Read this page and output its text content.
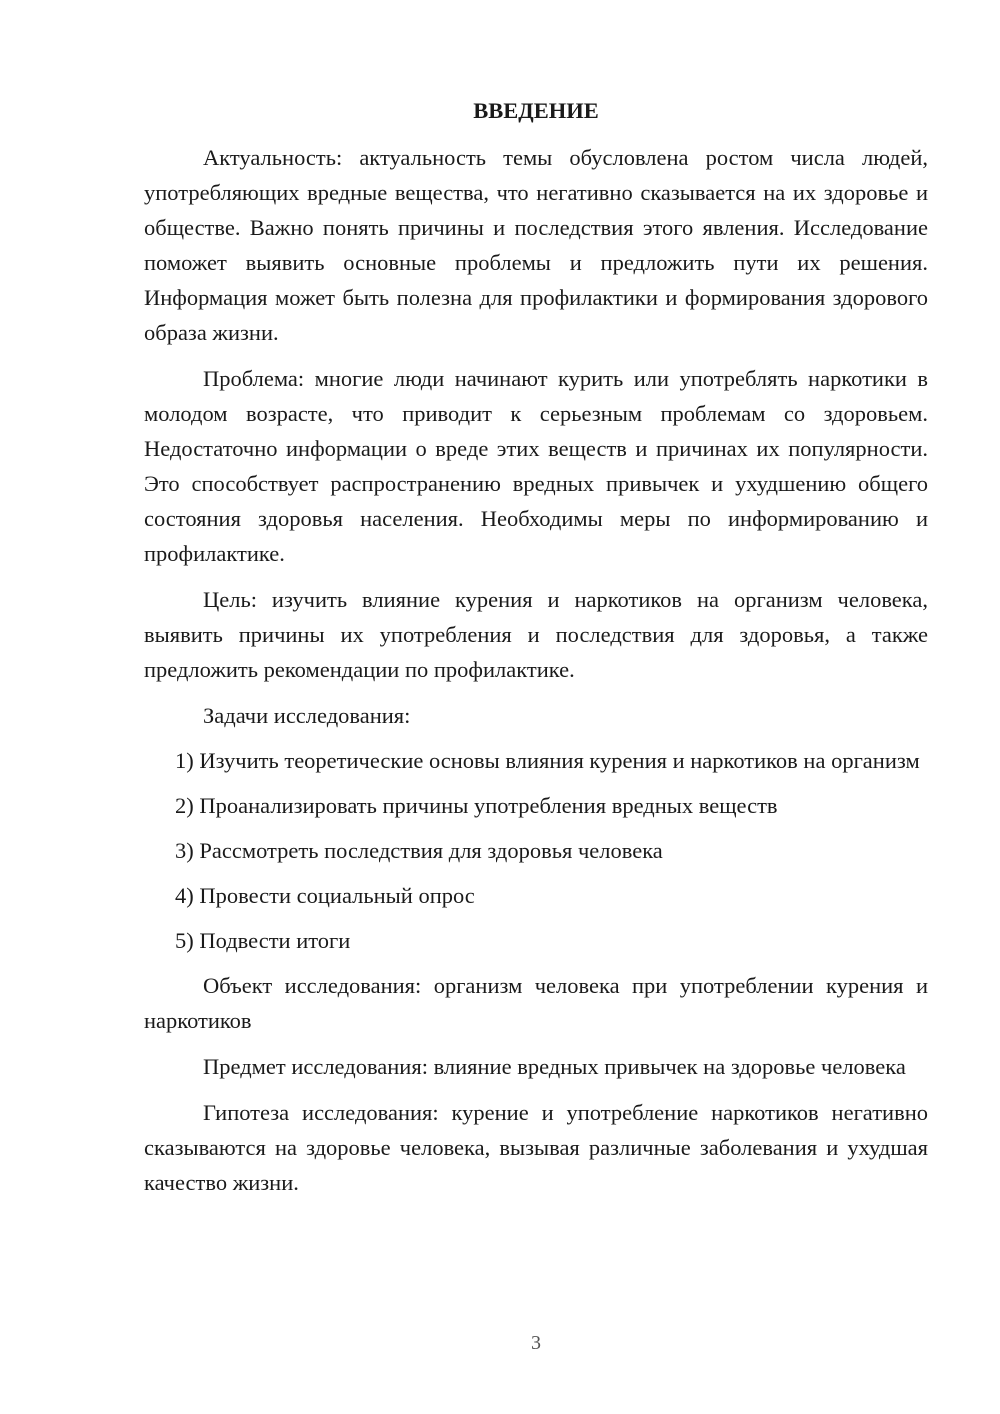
ВВЕДЕНИЕ

Актуальность: актуальность темы обусловлена ростом числа людей, употребляющих вредные вещества, что негативно сказывается на их здоровье и обществе. Важно понять причины и последствия этого явления. Исследование поможет выявить основные проблемы и предложить пути их решения. Информация может быть полезна для профилактики и формирования здорового образа жизни.

Проблема: многие люди начинают курить или употреблять наркотики в молодом возрасте, что приводит к серьезным проблемам со здоровьем. Недостаточно информации о вреде этих веществ и причинах их популярности. Это способствует распространению вредных привычек и ухудшению общего состояния здоровья населения. Необходимы меры по информированию и профилактике.

Цель: изучить влияние курения и наркотиков на организм человека, выявить причины их употребления и последствия для здоровья, а также предложить рекомендации по профилактике.

Задачи исследования:

1) Изучить теоретические основы влияния курения и наркотиков на организм

2) Проанализировать причины употребления вредных веществ

3) Рассмотреть последствия для здоровья человека

4) Провести социальный опрос

5) Подвести итоги

Объект исследования: организм человека при употреблении курения и наркотиков

Предмет исследования: влияние вредных привычек на здоровье человека

Гипотеза исследования: курение и употребление наркотиков негативно сказываются на здоровье человека, вызывая различные заболевания и ухудшая качество жизни.

3
